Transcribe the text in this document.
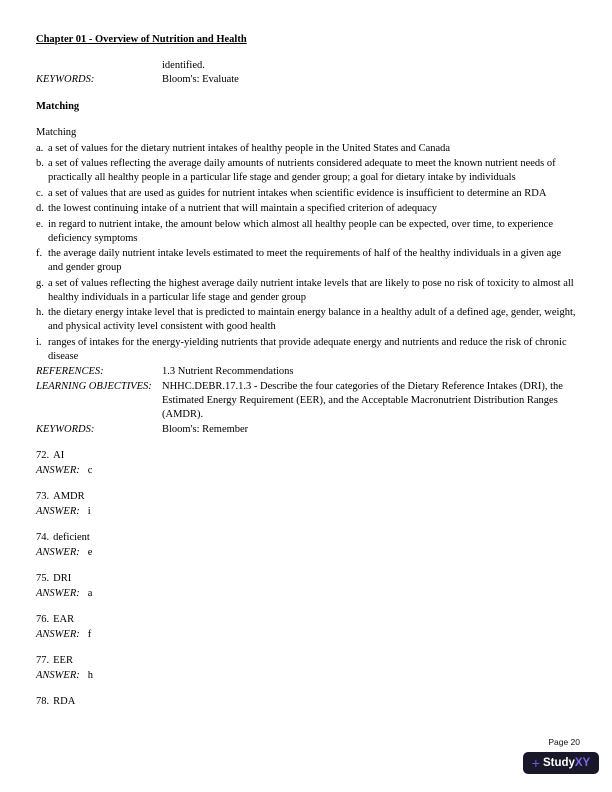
Chapter 01 - Overview of Nutrition and Health
identified.
KEYWORDS:	Bloom's: Evaluate
Matching
Matching
a. a set of values for the dietary nutrient intakes of healthy people in the United States and Canada
b. a set of values reflecting the average daily amounts of nutrients considered adequate to meet the known nutrient needs of practically all healthy people in a particular life stage and gender group; a goal for dietary intake by individuals
c. a set of values that are used as guides for nutrient intakes when scientific evidence is insufficient to determine an RDA
d. the lowest continuing intake of a nutrient that will maintain a specified criterion of adequacy
e. in regard to nutrient intake, the amount below which almost all healthy people can be expected, over time, to experience deficiency symptoms
f. the average daily nutrient intake levels estimated to meet the requirements of half of the healthy individuals in a given age and gender group
g. a set of values reflecting the highest average daily nutrient intake levels that are likely to pose no risk of toxicity to almost all healthy individuals in a particular life stage and gender group
h. the dietary energy intake level that is predicted to maintain energy balance in a healthy adult of a defined age, gender, weight, and physical activity level consistent with good health
i. ranges of intakes for the energy-yielding nutrients that provide adequate energy and nutrients and reduce the risk of chronic disease
REFERENCES:	1.3 Nutrient Recommendations
LEARNING OBJECTIVES: NHHC.DEBR.17.1.3 - Describe the four categories of the Dietary Reference Intakes (DRI), the Estimated Energy Requirement (EER), and the Acceptable Macronutrient Distribution Ranges (AMDR).
KEYWORDS:	Bloom's: Remember
72. AI
ANSWER: c
73. AMDR
ANSWER: i
74. deficient
ANSWER: e
75. DRI
ANSWER: a
76. EAR
ANSWER: f
77. EER
ANSWER: h
78. RDA
Page 20
+ StudyXY
